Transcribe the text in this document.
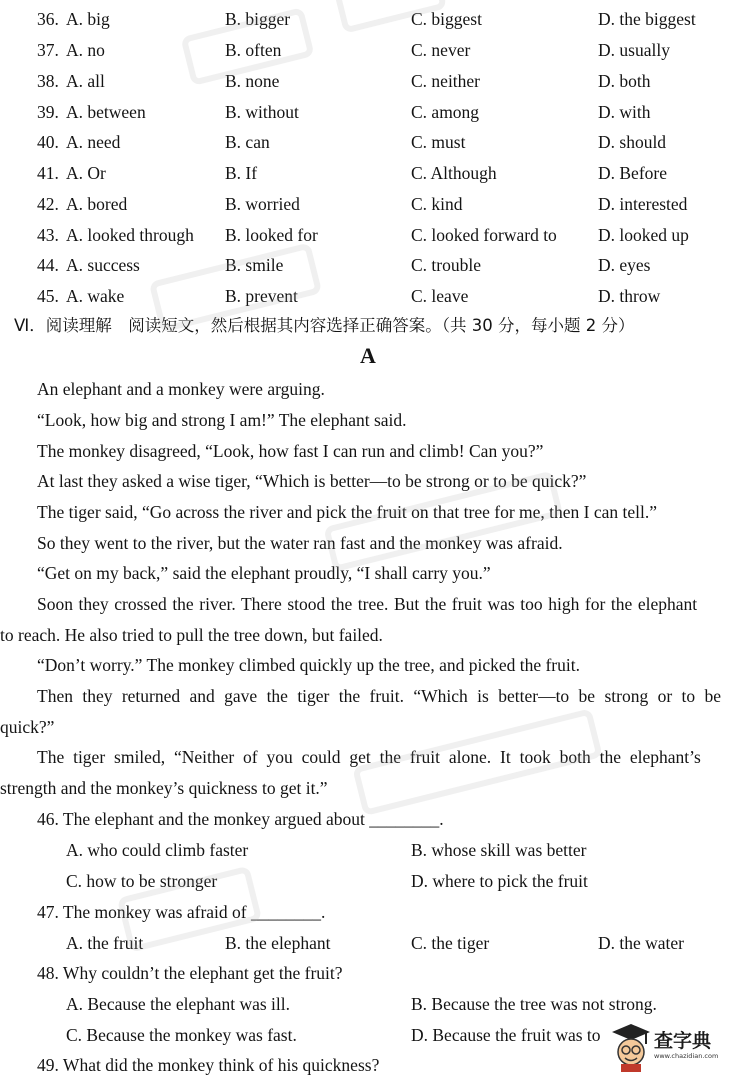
36. A. big	B. bigger	C. biggest	D. the biggest
37. A. no	B. often	C. never	D. usually
38. A. all	B. none	C. neither	D. both
39. A. between	B. without	C. among	D. with
40. A. need	B. can	C. must	D. should
41. A. Or	B. If	C. Although	D. Before
42. A. bored	B. worried	C. kind	D. interested
43. A. looked through B. looked for	C. looked forward to D. looked up
44. A. success	B. smile	C. trouble	D. eyes
45. A. wake	B. prevent	C. leave	D. throw
Ⅵ．阅读理解　阅读短文，然后根据其内容选择正确答案。（共 30 分，每小题 2 分）
A
An elephant and a monkey were arguing.
“Look, how big and strong I am!” The elephant said.
The monkey disagreed, “Look, how fast I can run and climb! Can you?”
At last they asked a wise tiger, “Which is better—to be strong or to be quick?”
The tiger said, “Go across the river and pick the fruit on that tree for me, then I can tell.”
So they went to the river, but the water ran fast and the monkey was afraid.
“Get on my back,” said the elephant proudly, “I shall carry you.”
Soon they crossed the river. There stood the tree. But the fruit was too high for the elephant
to reach. He also tried to pull the tree down, but failed.
“Don’t worry.” The monkey climbed quickly up the tree, and picked the fruit.
Then they returned and gave the tiger the fruit. “Which is better—to be strong or to be
quick?”
The tiger smiled, “Neither of you could get the fruit alone. It took both the elephant’s
strength and the monkey’s quickness to get it.”
46. The elephant and the monkey argued about ________.
A. who could climb faster	B. whose skill was better
C. how to be stronger	D. where to pick the fruit
47. The monkey was afraid of ________.
A. the fruit	B. the elephant	C. the tiger	D. the water
48. Why couldn’t the elephant get the fruit?
A. Because the elephant was ill.	B. Because the tree was not strong.
C. Because the monkey was fast.	D. Because the fruit was to
49. What did the monkey think of his quickness?
查字典
www.chazidian.com
